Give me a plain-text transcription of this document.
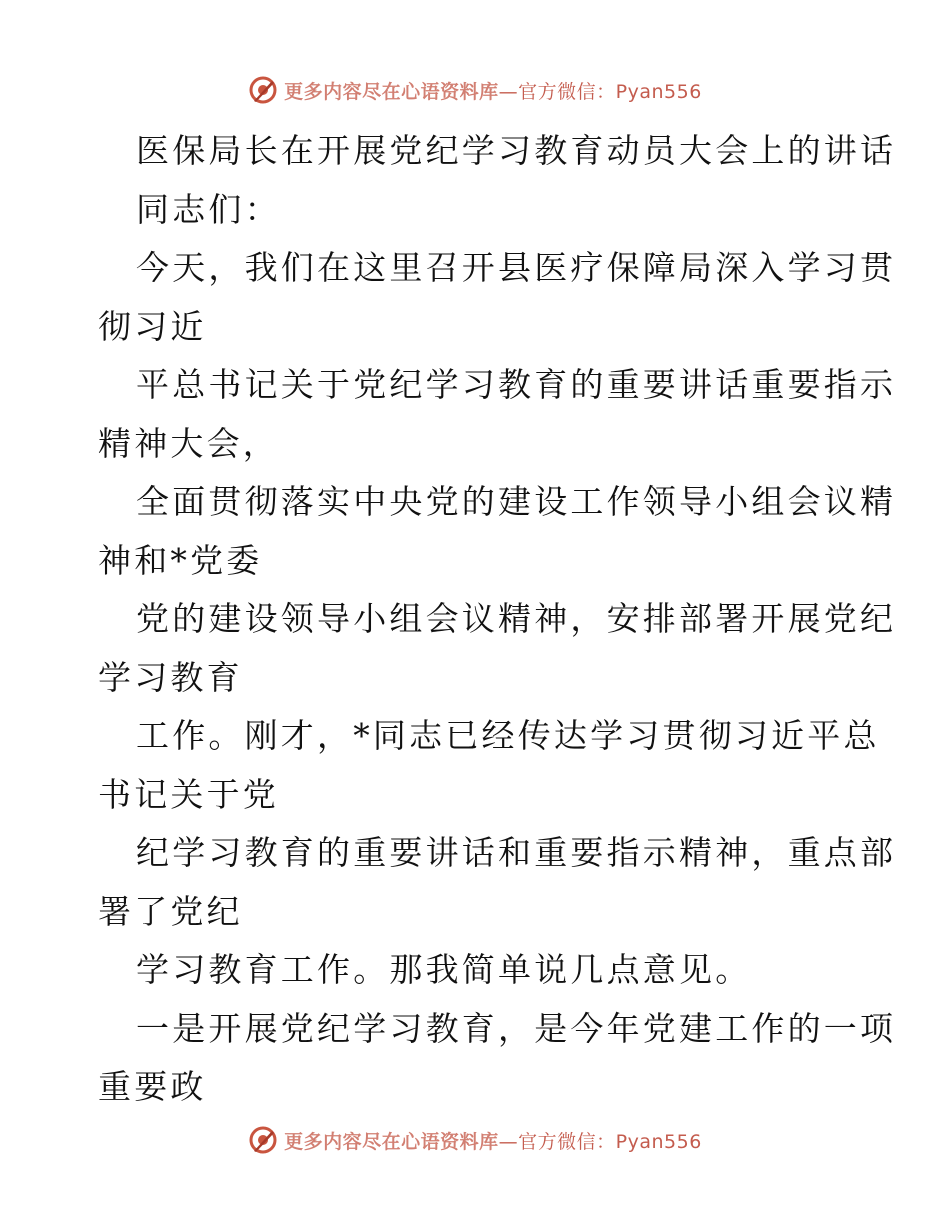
更多内容尽在心语资料库—官方微信：Pyan556
医保局长在开展党纪学习教育动员大会上的讲话
同志们：
今天，我们在这里召开县医疗保障局深入学习贯
彻习近
平总书记关于党纪学习教育的重要讲话重要指示
精神大会，
全面贯彻落实中央党的建设工作领导小组会议精
神和*党委
党的建设领导小组会议精神，安排部署开展党纪
学习教育
工作。刚才，*同志已经传达学习贯彻习近平总
书记关于党
纪学习教育的重要讲话和重要指示精神，重点部
署了党纪
学习教育工作。那我简单说几点意见。
一是开展党纪学习教育，是今年党建工作的一项
重要政
更多内容尽在心语资料库—官方微信：Pyan556
